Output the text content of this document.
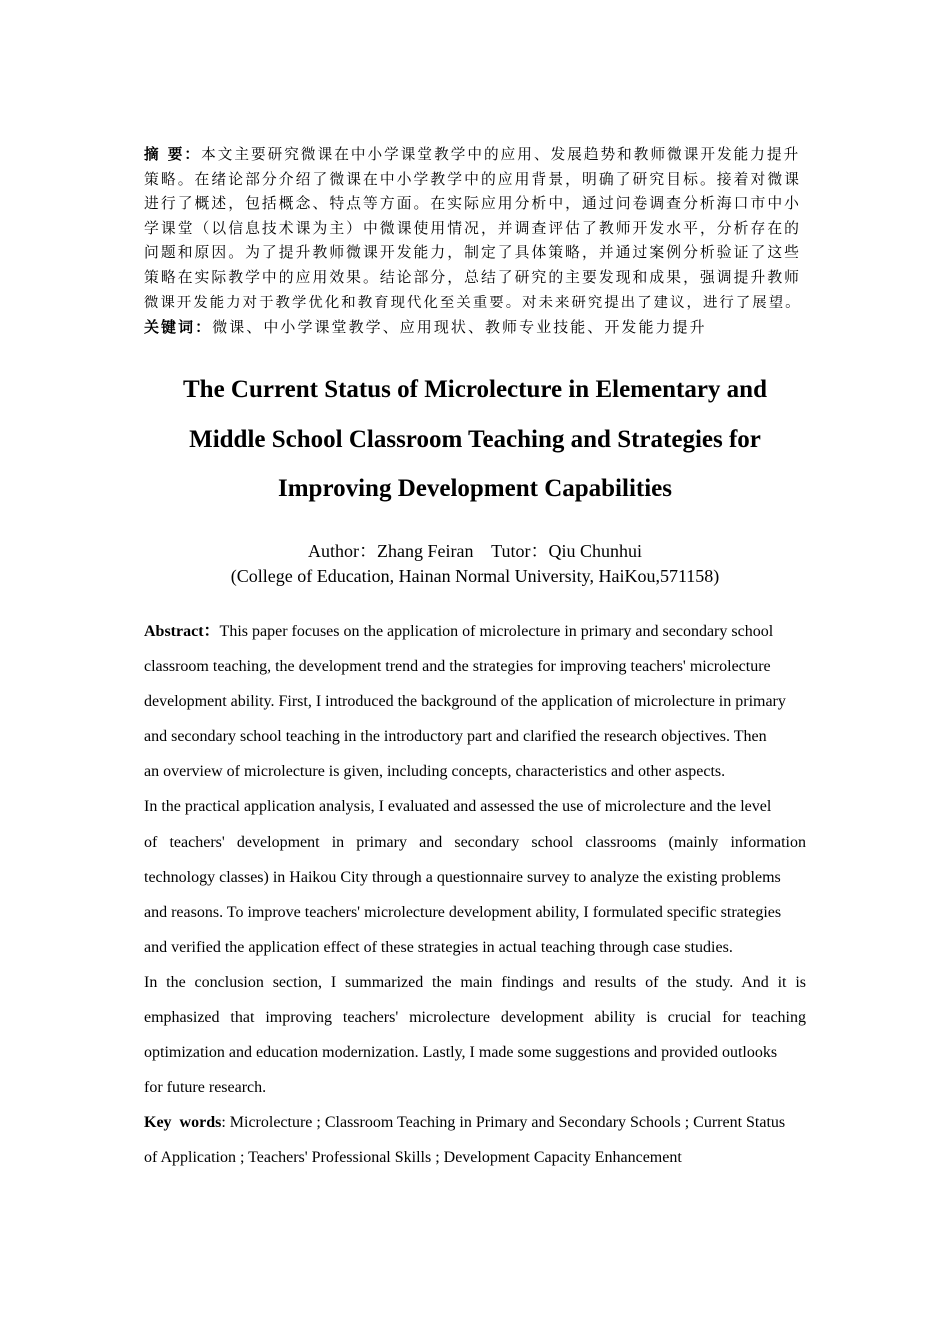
摘 要：本文主要研究微课在中小学课堂教学中的应用、发展趋势和教师微课开发能力提升
策略。在绪论部分介绍了微课在中小学教学中的应用背景，明确了研究目标。接着对微课
进行了概述，包括概念、特点等方面。在实际应用分析中，通过问卷调查分析海口市中小
学课堂（以信息技术课为主）中微课使用情况，并调查评估了教师开发水平，分析存在的
问题和原因。为了提升教师微课开发能力，制定了具体策略，并通过案例分析验证了这些
策略在实际教学中的应用效果。结论部分，总结了研究的主要发现和成果，强调提升教师
微课开发能力对于教学优化和教育现代化至关重要。对未来研究提出了建议，进行了展望。
关键词：微课、中小学课堂教学、应用现状、教师专业技能、开发能力提升
The Current Status of Microlecture in Elementary and
Middle School Classroom Teaching and Strategies for
Improving Development Capabilities
Author：Zhang Feiran    Tutor：Qiu Chunhui
(College of Education, Hainan Normal University, HaiKou,571158)
Abstract：This paper focuses on the application of microlecture in primary and secondary school
classroom teaching, the development trend and the strategies for improving teachers' microlecture
development ability. First, I introduced the background of the application of microlecture in primary
and secondary school teaching in the introductory part and clarified the research objectives. Then
an overview of microlecture is given, including concepts, characteristics and other aspects.
In the practical application analysis, I evaluated and assessed the use of microlecture and the level
of teachers' development in primary and secondary school classrooms (mainly information
technology classes) in Haikou City through a questionnaire survey to analyze the existing problems
and reasons. To improve teachers' microlecture development ability, I formulated specific strategies
and verified the application effect of these strategies in actual teaching through case studies.
In the conclusion section, I summarized the main findings and results of the study. And it is
emphasized that improving teachers' microlecture development ability is crucial for teaching
optimization and education modernization. Lastly, I made some suggestions and provided outlooks
for future research.
Key  words: Microlecture ; Classroom Teaching in Primary and Secondary Schools ; Current Status
of Application ; Teachers' Professional Skills ; Development Capacity Enhancement
